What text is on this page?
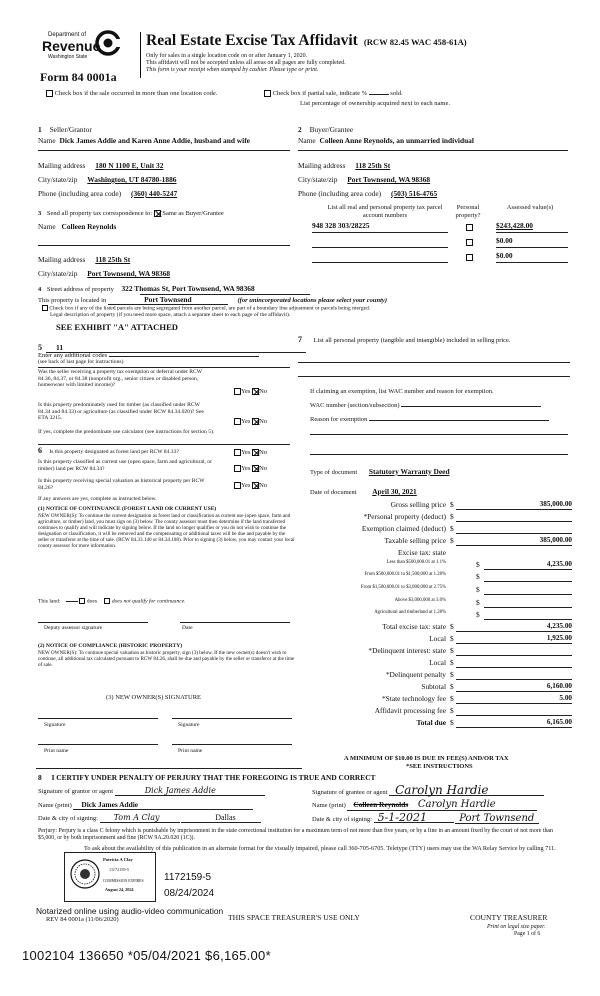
Department of
Revenue
Washington State
Real Estate Excise Tax Affidavit (RCW 82.45 WAC 458-61A)
Only for sales in a single location code on or after January 1, 2020.
This affidavit will not be accepted unless all areas on all pages are fully completed.
This form is your receipt when stamped by cashier. Please type or print.
Form 84 0001a
Check box if the sale occurred in more than one location code.	Check box if partial sale, indicate %	sold.
List percentage of ownership acquired next to each name.
1 Seller/Grantor
Name Dick James Addie and Karen Anne Addie, husband and wife
Mailing address 180 N 1100 E, Unit 32
City/state/zip Washington, UT 84780-1886
Phone (including area code) (360) 440-5247
2 Buyer/Grantee
Name Colleen Anne Reynolds, an unmarried individual
Mailing address 118 25th St
City/state/zip Port Townsend, WA 98368
Phone (including area code) (503) 516-4765
3 Send all property tax correspondence to: Same as Buyer/Grantee
Name Colleen Reynolds
Mailing address 118 25th St
City/state/zip Port Townsend, WA 98368
List all real and personal property tax parcel account numbers
Personal property?
Assessed value(s)
948 328 303/28225	$243,428.00
$0.00
$0.00
4 Street address of property 322 Thomas St, Port Townsend, WA 98368
This property is located in	Port Townsend	(for unincorporated locations please select your county)
Check box if any of the listed parcels are being segregated from another parcel, are part of a boundary line adjustment or parcels being merged.
Legal description of property (if you need more space, attach a separate sheet to each page of the affidavit).
SEE EXHIBIT "A" ATTACHED
5 11
Enter any additional codes
(see back of last page for instructions)
Was the seller receiving a property tax exemption or deferral under RCW 84.36, 84.37, or 84.38 (nonprofit org., senior citizen or disabled person, homeowner with limited income)?
Yes No
Is this property predominately used for timber (as classified under RCW 84.34 and 84.33) or agriculture (as classified under RCW 84.34.020)? See ETA 3215.	Yes No
If yes, complete the predominate use calculator (see instructions for section 5).
6 Is this property designated as forest land per RCW 84.33?	Yes No
Is this property classified as current use (open space, farm and agricultural, or timber) land per RCW 84.34?	Yes No
Is this property receiving special valuation as historical property per RCW 84.26?	Yes No
If any answers are yes, complete as instructed below.
(1) NOTICE OF CONTINUANCE (FOREST LAND OR CURRENT USE)
NEW OWNER(S): To continue the current designation as forest land or classification as current use (open space, farm and agriculture, or timber) land, you must sign on (3) below. The county assessor must then determine if the land transferred continues to qualify and will indicate by signing below. If the land no longer qualifies or you do not wish to continue the designation or classification, it will be removed and the compensating or additional taxes will be due and payable by the seller or transferor at the time of sale. (RCW 84.33.140 or 84.34.108). Prior to signing (3) below, you may contact your local county assessor for more information.
This land:	does	does not qualify for continuance.
Deputy assessor signature	Date
(2) NOTICE OF COMPLIANCE (HISTORIC PROPERTY)
NEW OWNER(S): To continue special valuation as historic property, sign (3) below. If the new owner(s) doesn't wish to continue, all additional tax calculated pursuant to RCW 84.26, shall be due and payable by the seller or transferor at the time of sale.
(3) NEW OWNER(S) SIGNATURE
Signature	Signature
Print name	Print name
7 List all personal property (tangible and intangible) included in selling price.
If claiming an exemption, list WAC number and reason for exemption.
WAC number (section/subsection)
Reason for exemption
Type of document Statutory Warranty Deed
Date of document April 30, 2021
Gross selling price $	385,000.00
*Personal property (deduct) $
Exemption claimed (deduct) $
Taxable selling price $	385,000.00
Excise tax: state
Less than $500,000.01 at 1.1%	$	4,235.00
From $500,000.01 to $1,500,000 at 1.28%	$
From $1,500,000.01 to $3,000,000 at 2.75%	$
Above $3,000,000 at 3.0%	$
Agricultural and timberland at 1.28%	$
Total excise tax: state $	4,235.00
Local $	1,925.00
*Delinquent interest: state $
Local $
*Delinquent penalty $
Subtotal $	6,160.00
*State technology fee $	5.00
Affidavit processing fee $
Total due $	6,165.00
A MINIMUM OF $10.00 IS DUE IN FEE(S) AND/OR TAX
*SEE INSTRUCTIONS
8 I CERTIFY UNDER PENALTY OF PERJURY THAT THE FOREGOING IS TRUE AND CORRECT
Signature of grantor or agent	Dick James Addie
Name (print) Dick James Addie
Date & city of signing: Tom A Clay	Dallas
Signature of grantee or agent Carolyn Hardie
Name (print) Colleen Reynolds Carolyn Hardie
Date & city of signing: 5-1-2021	Port Townsend
Perjury: Perjury is a class C felony which is punishable by imprisonment in the state correctional institution for a maximum term of not more than five years, or by a fine in an amount fixed by the court of not more than $5,000, or by both imprisonment and fine (RCW 9A.20.020 (1C)).
To ask about the availability of this publication in an alternate format for the visually impaired, please call 360-705-6705. Teletype (TTY) users may use the WA Relay Service by calling 711.
Patricia A Clay
11172159-5
COMMISSION EXPIRES
August 24, 2024
1172159-5
08/24/2024
Notarized online using audio-video communication
REV 84 0001a (11/06/2020)	THIS SPACE TREASURER'S USE ONLY	COUNTY TREASURER
Print on legal size paper.
Page 1 of 6
1002104 136650 *05/04/2021 $6,165.00*
